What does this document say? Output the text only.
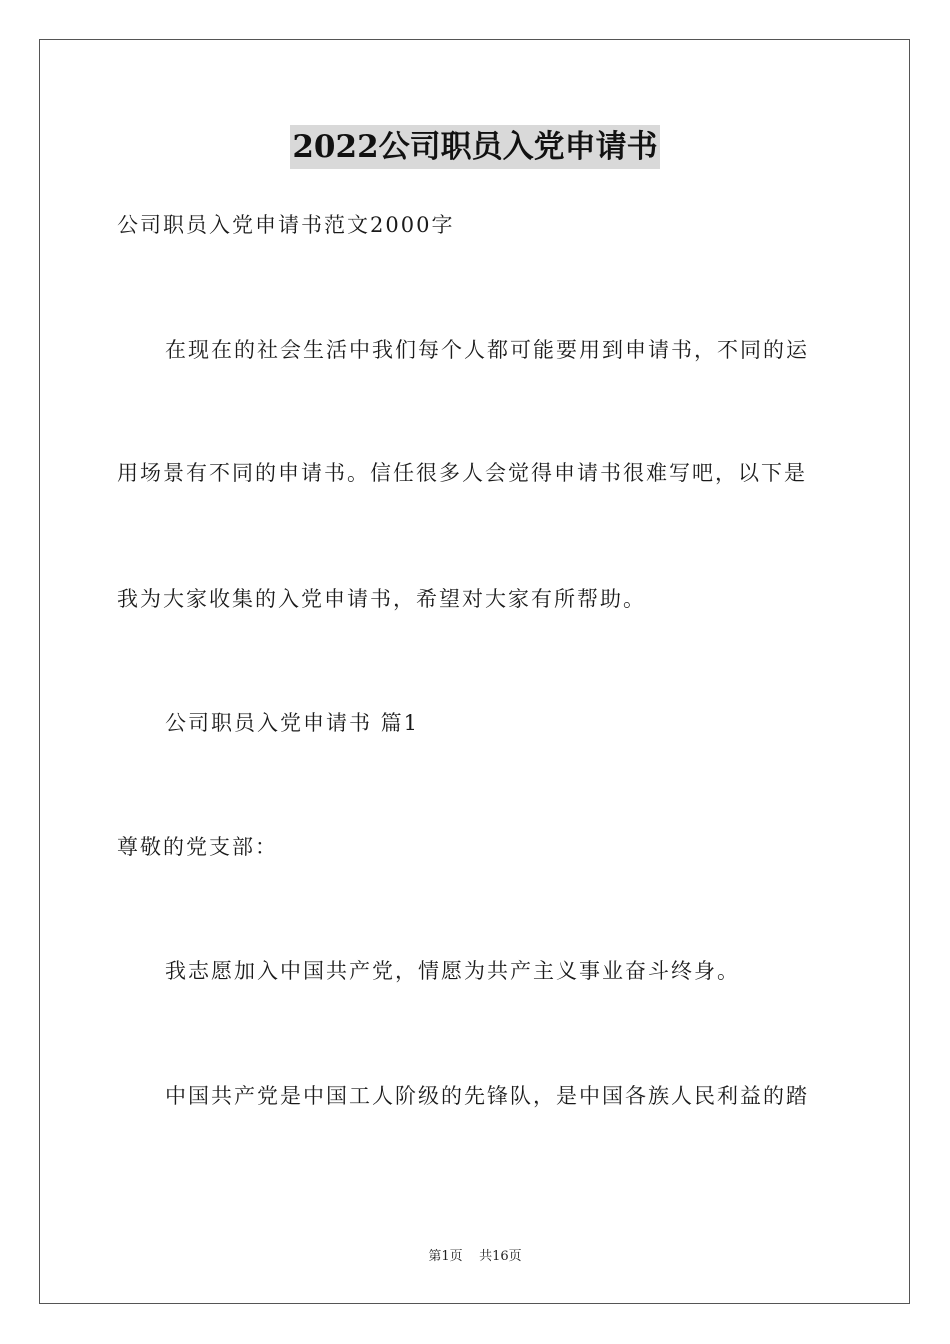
2022公司职员入党申请书
公司职员入党申请书范文2000字
在现在的社会生活中我们每个人都可能要用到申请书，不同的运
用场景有不同的申请书。信任很多人会觉得申请书很难写吧，以下是
我为大家收集的入党申请书，希望对大家有所帮助。
公司职员入党申请书 篇1
尊敬的党支部：
我志愿加入中国共产党，情愿为共产主义事业奋斗终身。
中国共产党是中国工人阶级的先锋队，是中国各族人民利益的踏
第1页 共16页
